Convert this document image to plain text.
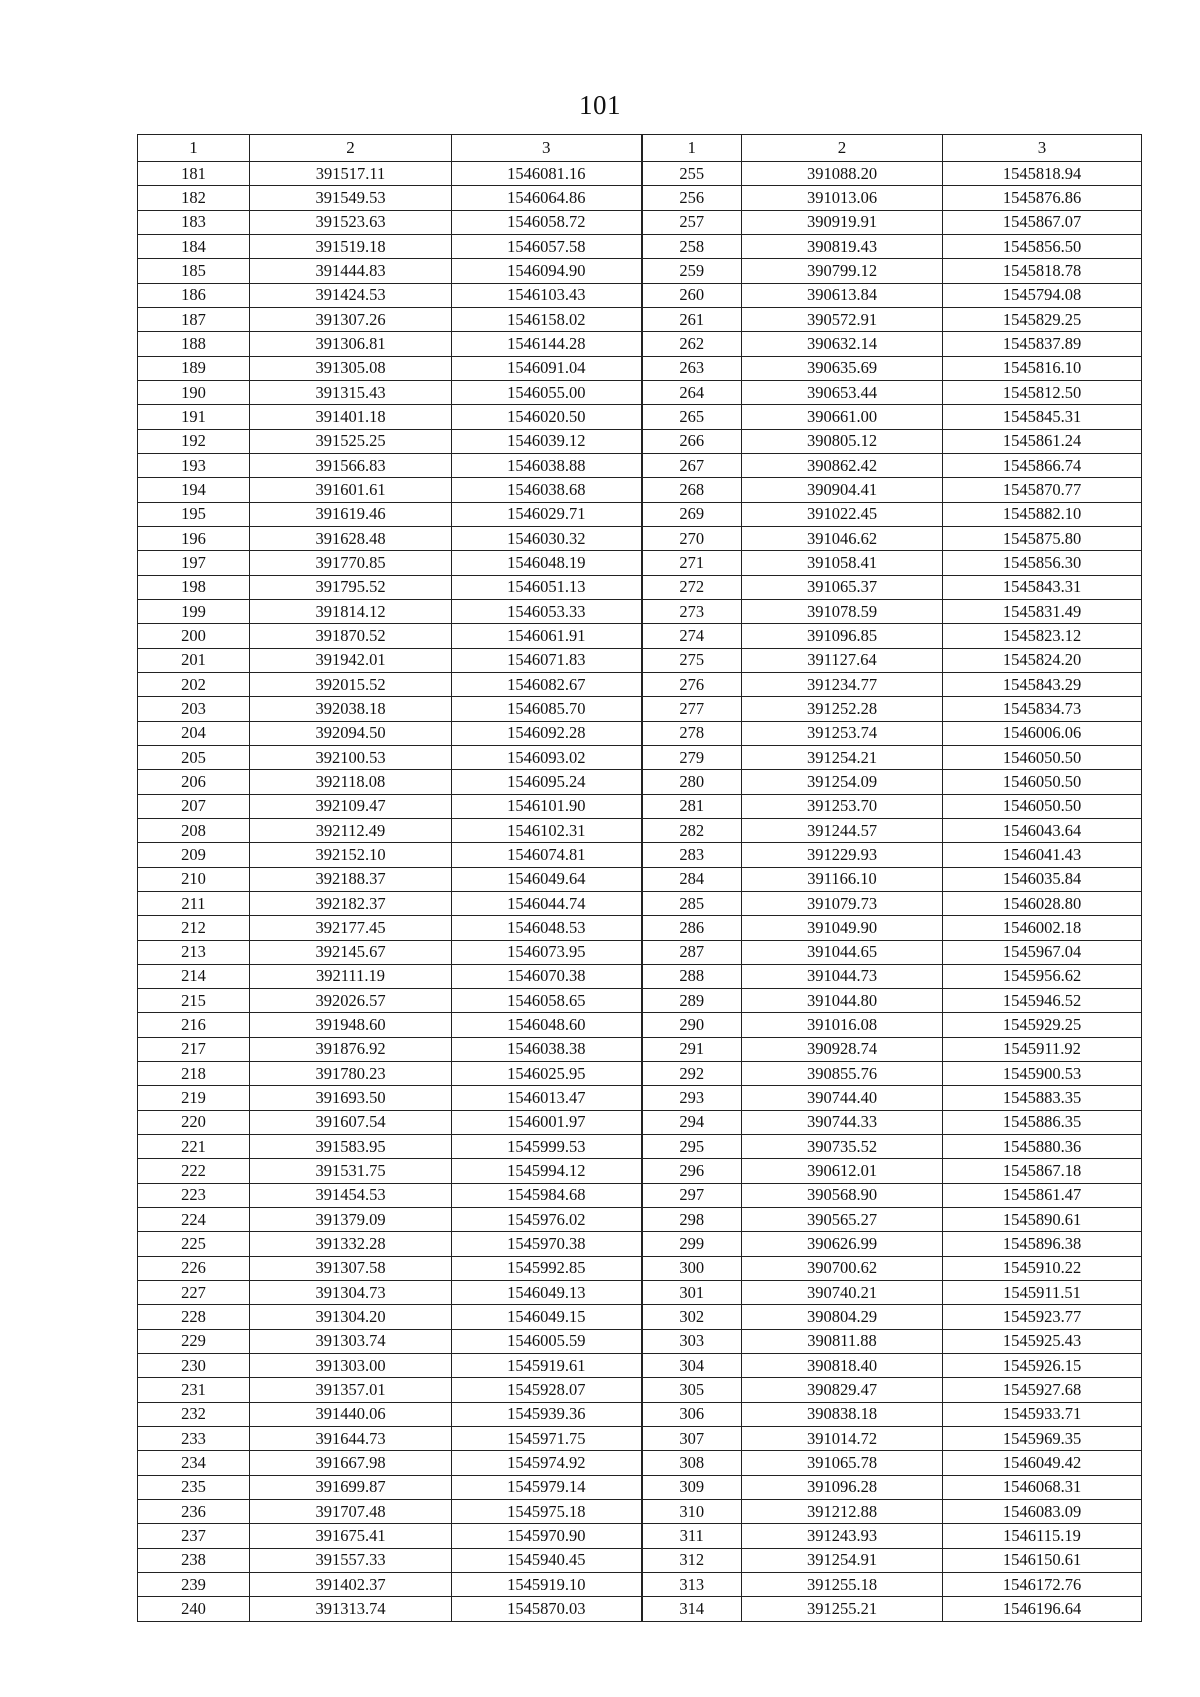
101
1	2	3	1	2	3
181	391517.11	1546081.16	255	391088.20	1545818.94
182	391549.53	1546064.86	256	391013.06	1545876.86
183	391523.63	1546058.72	257	390919.91	1545867.07
184	391519.18	1546057.58	258	390819.43	1545856.50
185	391444.83	1546094.90	259	390799.12	1545818.78
186	391424.53	1546103.43	260	390613.84	1545794.08
187	391307.26	1546158.02	261	390572.91	1545829.25
188	391306.81	1546144.28	262	390632.14	1545837.89
189	391305.08	1546091.04	263	390635.69	1545816.10
190	391315.43	1546055.00	264	390653.44	1545812.50
191	391401.18	1546020.50	265	390661.00	1545845.31
192	391525.25	1546039.12	266	390805.12	1545861.24
193	391566.83	1546038.88	267	390862.42	1545866.74
194	391601.61	1546038.68	268	390904.41	1545870.77
195	391619.46	1546029.71	269	391022.45	1545882.10
196	391628.48	1546030.32	270	391046.62	1545875.80
197	391770.85	1546048.19	271	391058.41	1545856.30
198	391795.52	1546051.13	272	391065.37	1545843.31
199	391814.12	1546053.33	273	391078.59	1545831.49
200	391870.52	1546061.91	274	391096.85	1545823.12
201	391942.01	1546071.83	275	391127.64	1545824.20
202	392015.52	1546082.67	276	391234.77	1545843.29
203	392038.18	1546085.70	277	391252.28	1545834.73
204	392094.50	1546092.28	278	391253.74	1546006.06
205	392100.53	1546093.02	279	391254.21	1546050.50
206	392118.08	1546095.24	280	391254.09	1546050.50
207	392109.47	1546101.90	281	391253.70	1546050.50
208	392112.49	1546102.31	282	391244.57	1546043.64
209	392152.10	1546074.81	283	391229.93	1546041.43
210	392188.37	1546049.64	284	391166.10	1546035.84
211	392182.37	1546044.74	285	391079.73	1546028.80
212	392177.45	1546048.53	286	391049.90	1546002.18
213	392145.67	1546073.95	287	391044.65	1545967.04
214	392111.19	1546070.38	288	391044.73	1545956.62
215	392026.57	1546058.65	289	391044.80	1545946.52
216	391948.60	1546048.60	290	391016.08	1545929.25
217	391876.92	1546038.38	291	390928.74	1545911.92
218	391780.23	1546025.95	292	390855.76	1545900.53
219	391693.50	1546013.47	293	390744.40	1545883.35
220	391607.54	1546001.97	294	390744.33	1545886.35
221	391583.95	1545999.53	295	390735.52	1545880.36
222	391531.75	1545994.12	296	390612.01	1545867.18
223	391454.53	1545984.68	297	390568.90	1545861.47
224	391379.09	1545976.02	298	390565.27	1545890.61
225	391332.28	1545970.38	299	390626.99	1545896.38
226	391307.58	1545992.85	300	390700.62	1545910.22
227	391304.73	1546049.13	301	390740.21	1545911.51
228	391304.20	1546049.15	302	390804.29	1545923.77
229	391303.74	1546005.59	303	390811.88	1545925.43
230	391303.00	1545919.61	304	390818.40	1545926.15
231	391357.01	1545928.07	305	390829.47	1545927.68
232	391440.06	1545939.36	306	390838.18	1545933.71
233	391644.73	1545971.75	307	391014.72	1545969.35
234	391667.98	1545974.92	308	391065.78	1546049.42
235	391699.87	1545979.14	309	391096.28	1546068.31
236	391707.48	1545975.18	310	391212.88	1546083.09
237	391675.41	1545970.90	311	391243.93	1546115.19
238	391557.33	1545940.45	312	391254.91	1546150.61
239	391402.37	1545919.10	313	391255.18	1546172.76
240	391313.74	1545870.03	314	391255.21	1546196.64
